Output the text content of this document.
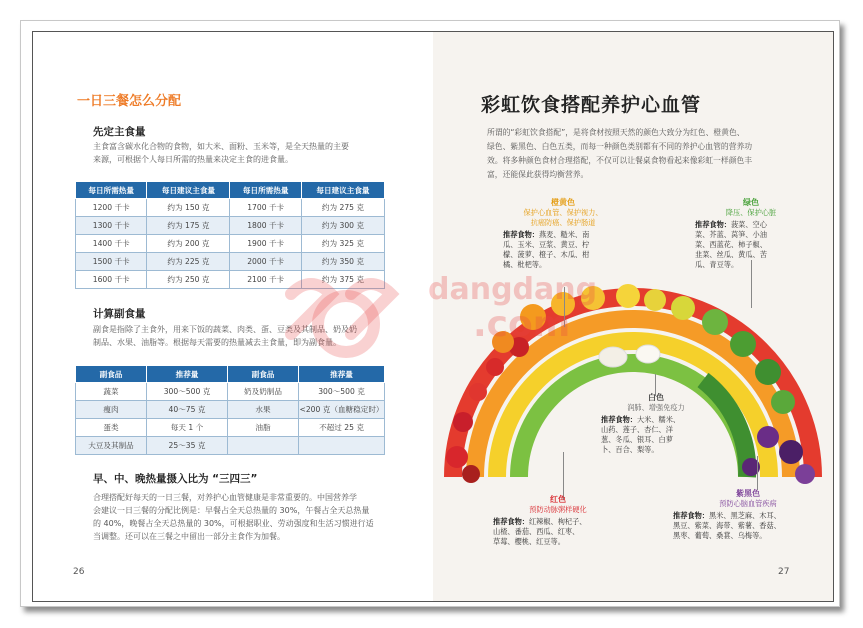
一日三餐怎么分配
先定主食量
主食富含碳水化合物的食物，如大米、面粉、玉米等，是全天热量的主要
来源，可根据个人每日所需的热量来决定主食的进食量。
每日所需热量	每日建议主食量	每日所需热量	每日建议主食量
1200 千卡	约为 150 克	1700 千卡	约为 275 克
1300 千卡	约为 175 克	1800 千卡	约为 300 克
1400 千卡	约为 200 克	1900 千卡	约为 325 克
1500 千卡	约为 225 克	2000 千卡	约为 350 克
1600 千卡	约为 250 克	2100 千卡	约为 375 克
计算副食量
副食是指除了主食外，用来下饭的蔬菜、肉类、蛋、豆类及其制品、奶及奶
制品、水果、油脂等。根据每天需要的热量减去主食量，即为副食量。
副食品	推荐量	副食品	推荐量
蔬菜	300～500 克	奶及奶制品	300～500 克
瘦肉	40～75 克	水果	<200 克（血糖稳定时）
蛋类	每天 1 个	油脂	不超过 25 克
大豆及其制品	25～35 克		
早、中、晚热量摄入比为 “三四三”
合理搭配好每天的一日三餐，对养护心血管健康是非常重要的。中国营养学
会建议一日三餐的分配比例是：早餐占全天总热量的 30%，午餐占全天总热量
的 40%，晚餐占全天总热量的 30%，可根据职业、劳动强度和生活习惯进行适
当调整。还可以在三餐之中留出一部分主食作为加餐。
26
彩虹饮食搭配养护心血管
所谓的“彩虹饮食搭配”，是将食材按照天然的颜色大致分为红色、橙黄色、
绿色、紫黑色、白色五类，而每一种颜色类别都有不同的养护心血管的营养功
效。将多种颜色食材合理搭配，不仅可以让餐桌食物看起来像彩虹一样颜色丰
富，还能保此获得均衡营养。
橙黄色
保护心血管、保护视力、
抗癌防癌、保护肠道
推荐食物：燕麦、糙米、南
瓜、玉米、豆浆、黄豆、柠
檬、菠萝、橙子、木瓜、柑
橘、枇杷等。
绿色
降压、保护心脏
推荐食物：菠菜、空心
菜、芥蓝、莴笋、小油
菜、西蓝花、柿子椒、
韭菜、丝瓜、黄瓜、苦
瓜、青豆等。
白色
润肺、增强免疫力
推荐食物：大米、糯米、
山药、莲子、杏仁、洋
葱、冬瓜、银耳、白萝
卜、百合、梨等。
红色
预防动脉粥样硬化
推荐食物：红辣椒、枸杞子、
山楂、番茄、西瓜、红枣、
草莓、樱桃、红豆等。
紫黑色
预防心脑血管疾病
推荐食物：黑米、黑芝麻、木耳、
黑豆、紫菜、海带、紫薯、香菇、
黑枣、葡萄、桑葚、乌梅等。
27
dangdang
.com
